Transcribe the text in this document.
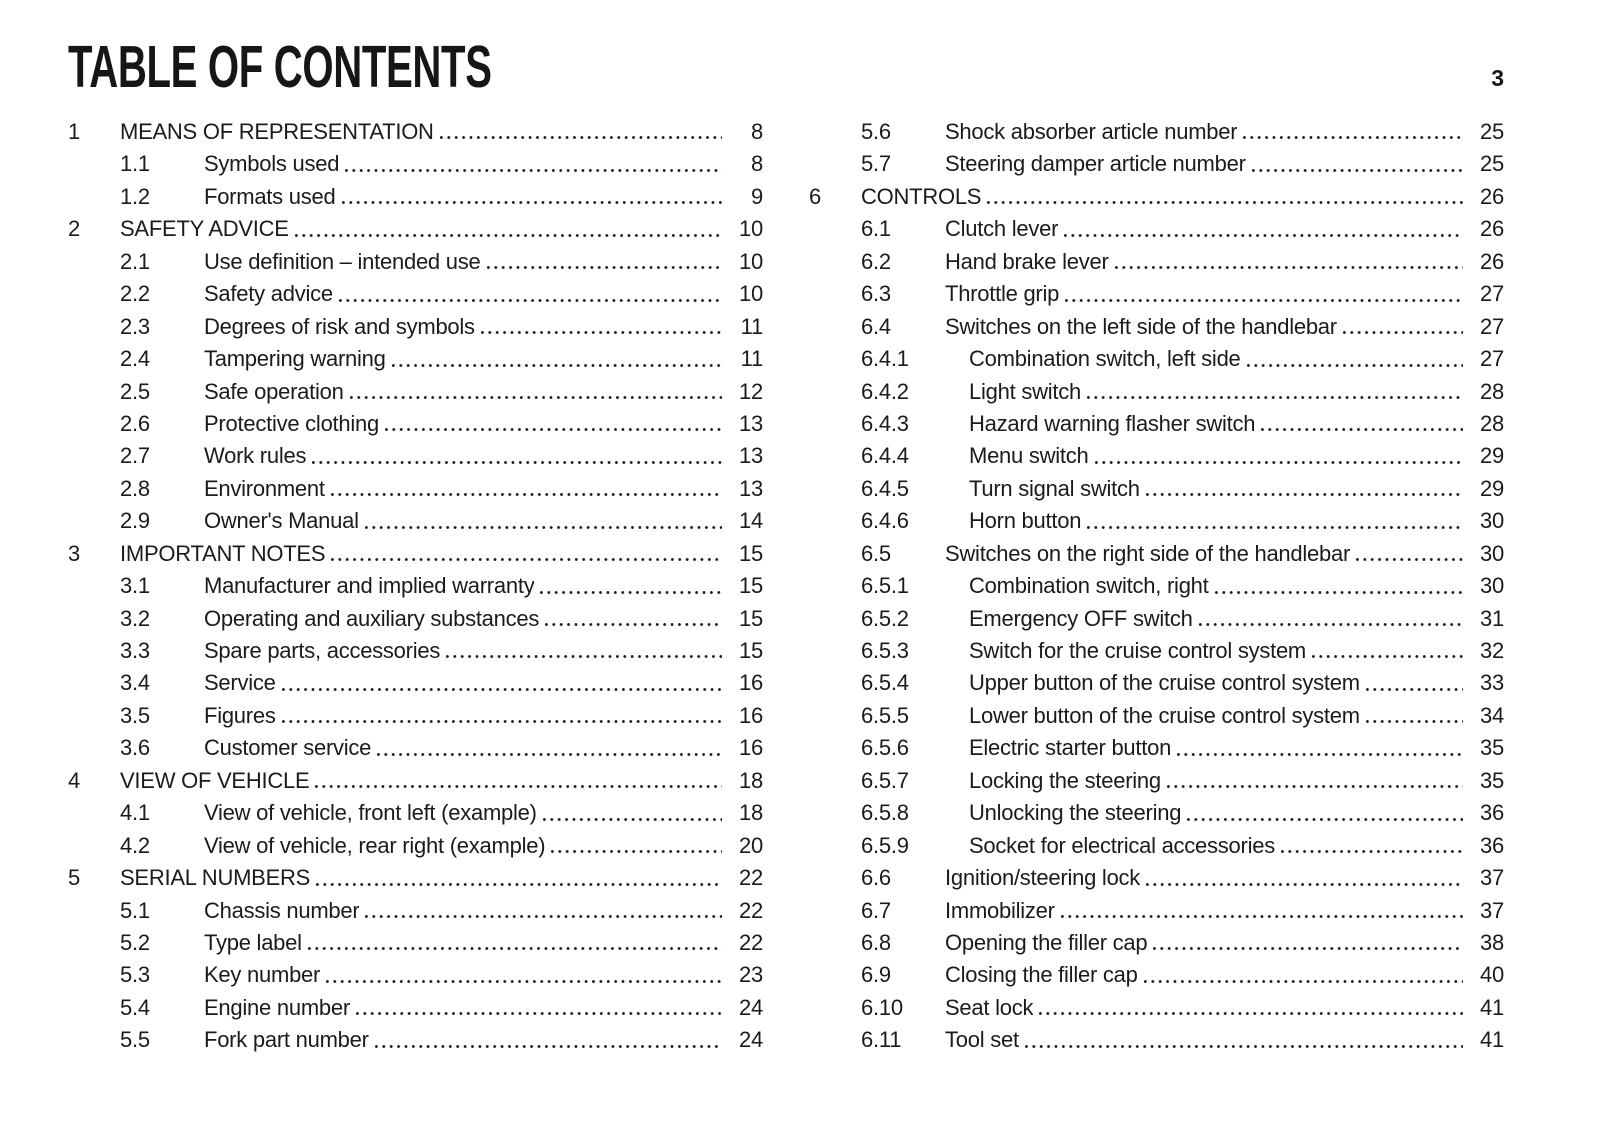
TABLE OF CONTENTS	3
1	MEANS OF REPRESENTATION	8
1.1	Symbols used	8
1.2	Formats used	9
2	SAFETY ADVICE	10
2.1	Use definition – intended use	10
2.2	Safety advice	10
2.3	Degrees of risk and symbols	11
2.4	Tampering warning	11
2.5	Safe operation	12
2.6	Protective clothing	13
2.7	Work rules	13
2.8	Environment	13
2.9	Owner's Manual	14
3	IMPORTANT NOTES	15
3.1	Manufacturer and implied warranty	15
3.2	Operating and auxiliary substances	15
3.3	Spare parts, accessories	15
3.4	Service	16
3.5	Figures	16
3.6	Customer service	16
4	VIEW OF VEHICLE	18
4.1	View of vehicle, front left (example)	18
4.2	View of vehicle, rear right (example)	20
5	SERIAL NUMBERS	22
5.1	Chassis number	22
5.2	Type label	22
5.3	Key number	23
5.4	Engine number	24
5.5	Fork part number	24
5.6	Shock absorber article number	25
5.7	Steering damper article number	25
6	CONTROLS	26
6.1	Clutch lever	26
6.2	Hand brake lever	26
6.3	Throttle grip	27
6.4	Switches on the left side of the handlebar	27
6.4.1	Combination switch, left side	27
6.4.2	Light switch	28
6.4.3	Hazard warning flasher switch	28
6.4.4	Menu switch	29
6.4.5	Turn signal switch	29
6.4.6	Horn button	30
6.5	Switches on the right side of the handlebar	30
6.5.1	Combination switch, right	30
6.5.2	Emergency OFF switch	31
6.5.3	Switch for the cruise control system	32
6.5.4	Upper button of the cruise control system	33
6.5.5	Lower button of the cruise control system	34
6.5.6	Electric starter button	35
6.5.7	Locking the steering	35
6.5.8	Unlocking the steering	36
6.5.9	Socket for electrical accessories	36
6.6	Ignition/steering lock	37
6.7	Immobilizer	37
6.8	Opening the filler cap	38
6.9	Closing the filler cap	40
6.10	Seat lock	41
6.11	Tool set	41
